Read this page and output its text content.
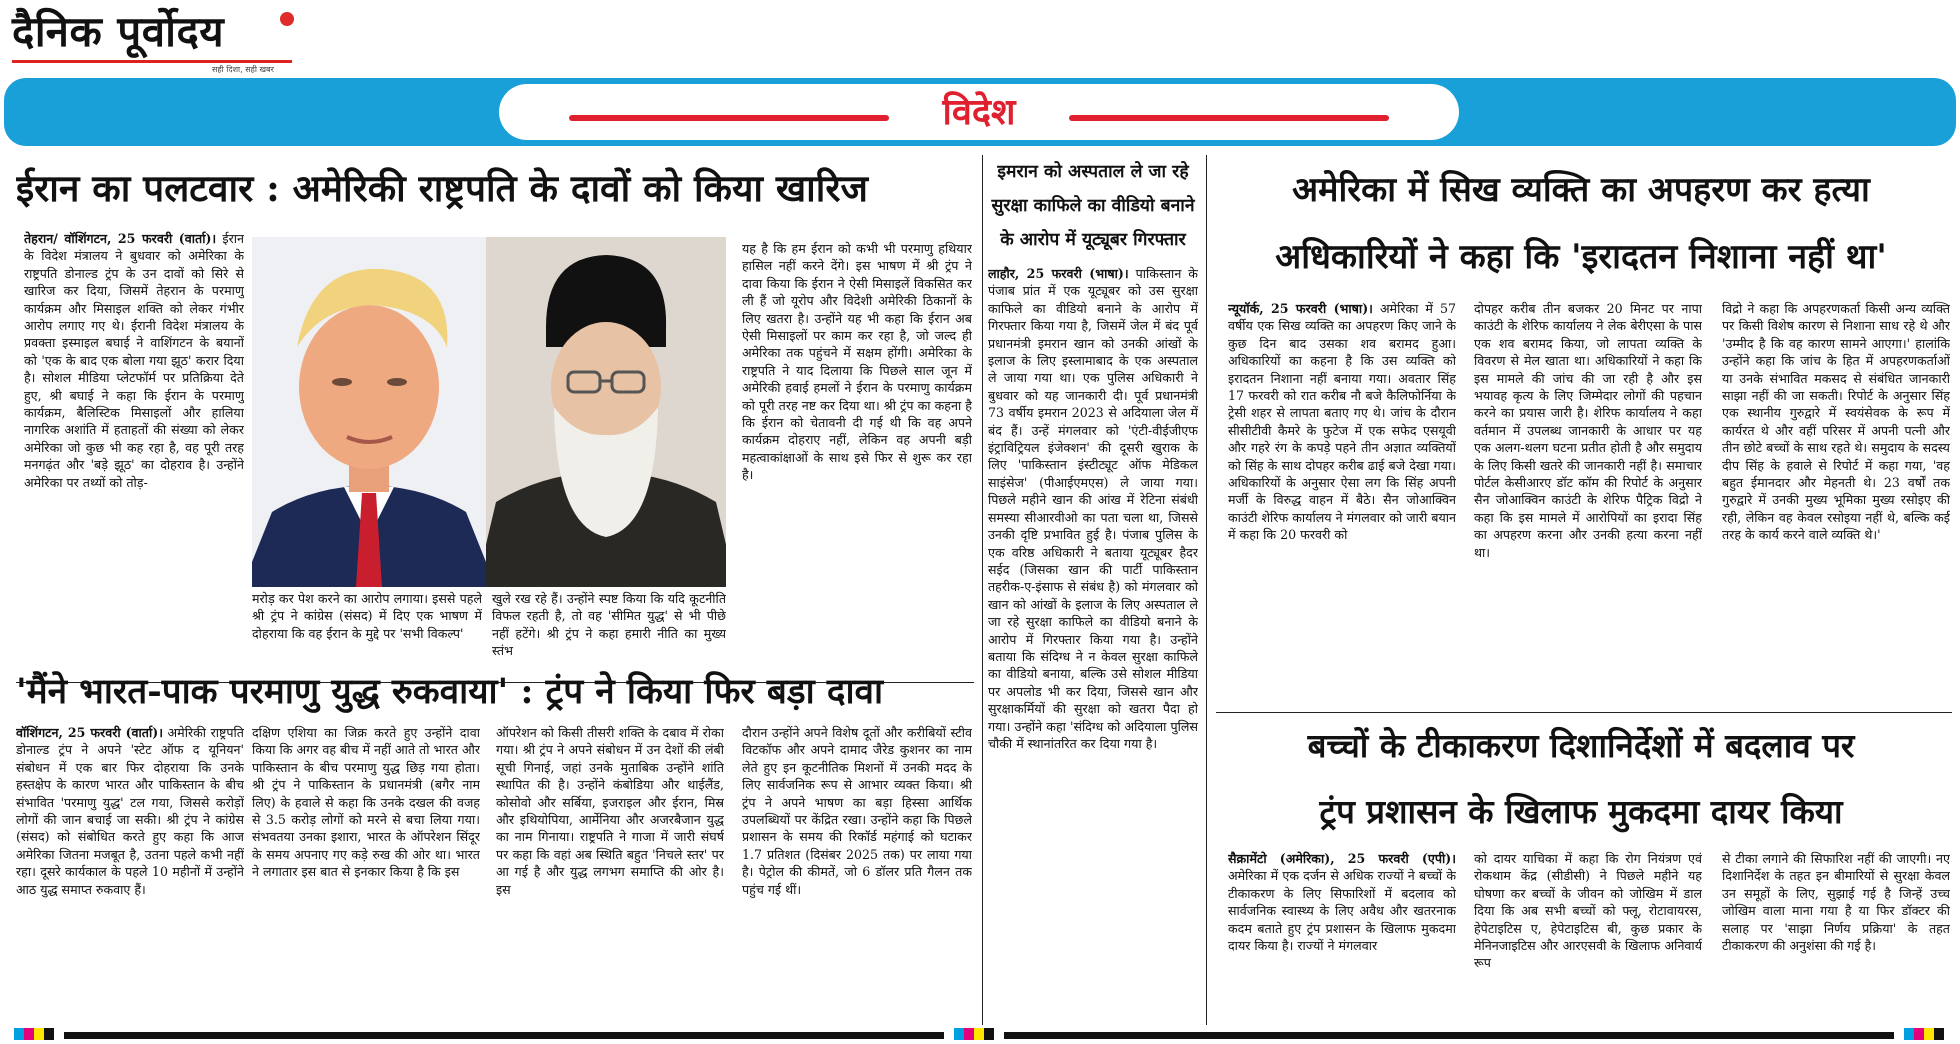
दैनिक पूर्वोदय
सही दिशा, सही खबर
विदेश
ईरान का पलटवार : अमेरिकी राष्ट्रपति के दावों को किया खारिज
तेहरान/ वॉशिंगटन, 25 फरवरी (वार्ता)। ईरान के विदेश मंत्रालय ने बुधवार को अमेरिका के राष्ट्रपति डोनाल्ड ट्रंप के उन दावों को सिरे से खारिज कर दिया, जिसमें तेहरान के परमाणु कार्यक्रम और मिसाइल शक्ति को लेकर गंभीर आरोप लगाए गए थे। ईरानी विदेश मंत्रालय के प्रवक्ता इस्माइल बघाई ने वाशिंगटन के बयानों को 'एक के बाद एक बोला गया झूठ' करार दिया है। सोशल मीडिया प्लेटफॉर्म पर प्रतिक्रिया देते हुए, श्री बघाई ने कहा कि ईरान के परमाणु कार्यक्रम, बैलिस्टिक मिसाइलों और हालिया नागरिक अशांति में हताहतों की संख्या को लेकर अमेरिका जो कुछ भी कह रहा है, वह पूरी तरह मनगढ़ंत और 'बड़े झूठ' का दोहराव है। उन्होंने अमेरिका पर तथ्यों को तोड़-
मरोड़ कर पेश करने का आरोप लगाया। इससे पहले श्री ट्रंप ने कांग्रेस (संसद) में दिए एक भाषण में दोहराया कि वह ईरान के मुद्दे पर 'सभी विकल्प'
खुले रख रहे हैं। उन्होंने स्पष्ट किया कि यदि कूटनीति विफल रहती है, तो वह 'सीमित युद्ध' से भी पीछे नहीं हटेंगे। श्री ट्रंप ने कहा हमारी नीति का मुख्य स्तंभ
यह है कि हम ईरान को कभी भी परमाणु हथियार हासिल नहीं करने देंगे। इस भाषण में श्री ट्रंप ने दावा किया कि ईरान ने ऐसी मिसाइलें विकसित कर ली हैं जो यूरोप और विदेशी अमेरिकी ठिकानों के लिए खतरा है। उन्होंने यह भी कहा कि ईरान अब ऐसी मिसाइलों पर काम कर रहा है, जो जल्द ही अमेरिका तक पहुंचने में सक्षम होंगी। अमेरिका के राष्ट्रपति ने याद दिलाया कि पिछले साल जून में अमेरिकी हवाई हमलों ने ईरान के परमाणु कार्यक्रम को पूरी तरह नष्ट कर दिया था। श्री ट्रंप का कहना है कि ईरान को चेतावनी दी गई थी कि वह अपने कार्यक्रम दोहराए नहीं, लेकिन वह अपनी बड़ी महत्वाकांक्षाओं के साथ इसे फिर से शुरू कर रहा है।
इमरान को अस्पताल ले जा रहे सुरक्षा काफिले का वीडियो बनाने के आरोप में यूट्यूबर गिरफ्तार
लाहौर, 25 फरवरी (भाषा)। पाकिस्तान के पंजाब प्रांत में एक यूट्यूबर को उस सुरक्षा काफिले का वीडियो बनाने के आरोप में गिरफ्तार किया गया है, जिसमें जेल में बंद पूर्व प्रधानमंत्री इमरान खान को उनकी आंखों के इलाज के लिए इस्लामाबाद के एक अस्पताल ले जाया गया था। एक पुलिस अधिकारी ने बुधवार को यह जानकारी दी। पूर्व प्रधानमंत्री 73 वर्षीय इमरान 2023 से अदियाला जेल में बंद हैं। उन्हें मंगलवार को 'एंटी-वीईजीएफ इंट्राविट्रियल इंजेक्शन' की दूसरी खुराक के लिए 'पाकिस्तान इंस्टीट्यूट ऑफ मेडिकल साइंसेज' (पीआईएमएस) ले जाया गया। पिछले महीने खान की आंख में रेटिना संबंधी समस्या सीआरवीओ का पता चला था, जिससे उनकी दृष्टि प्रभावित हुई है। पंजाब पुलिस के एक वरिष्ठ अधिकारी ने बताया यूट्यूबर हैदर सईद (जिसका खान की पार्टी पाकिस्तान तहरीक-ए-इंसाफ से संबंध है) को मंगलवार को खान को आंखों के इलाज के लिए अस्पताल ले जा रहे सुरक्षा काफिले का वीडियो बनाने के आरोप में गिरफ्तार किया गया है। उन्होंने बताया कि संदिग्ध ने न केवल सुरक्षा काफिले का वीडियो बनाया, बल्कि उसे सोशल मीडिया पर अपलोड भी कर दिया, जिससे खान और सुरक्षाकर्मियों की सुरक्षा को खतरा पैदा हो गया। उन्होंने कहा 'संदिग्ध को अदियाला पुलिस चौकी में स्थानांतरित कर दिया गया है।
अमेरिका में सिख व्यक्ति का अपहरण कर हत्या
अधिकारियों ने कहा कि 'इरादतन निशाना नहीं था'
न्यूयॉर्क, 25 फरवरी (भाषा)। अमेरिका में 57 वर्षीय एक सिख व्यक्ति का अपहरण किए जाने के कुछ दिन बाद उसका शव बरामद हुआ। अधिकारियों का कहना है कि उस व्यक्ति को इरादतन निशाना नहीं बनाया गया। अवतार सिंह 17 फरवरी को रात करीब नौ बजे कैलिफोर्निया के ट्रेसी शहर से लापता बताए गए थे। जांच के दौरान सीसीटीवी कैमरे के फुटेज में एक सफेद एसयूवी और गहरे रंग के कपड़े पहने तीन अज्ञात व्यक्तियों को सिंह के साथ दोपहर करीब ढाई बजे देखा गया। अधिकारियों के अनुसार ऐसा लग कि सिंह अपनी मर्जी के विरुद्ध वाहन में बैठे। सैन जोआक्विन काउंटी शेरिफ कार्यालय ने मंगलवार को जारी बयान में कहा कि 20 फरवरी को
दोपहर करीब तीन बजकर 20 मिनट पर नापा काउंटी के शेरिफ कार्यालय ने लेक बेरीएसा के पास एक शव बरामद किया, जो लापता व्यक्ति के विवरण से मेल खाता था। अधिकारियों ने कहा कि इस मामले की जांच की जा रही है और इस भयावह कृत्य के लिए जिम्मेदार लोगों की पहचान करने का प्रयास जारी है। शेरिफ कार्यालय ने कहा वर्तमान में उपलब्ध जानकारी के आधार पर यह एक अलग-थलग घटना प्रतीत होती है और समुदाय के लिए किसी खतरे की जानकारी नहीं है। समाचार पोर्टल केसीआरए डॉट कॉम की रिपोर्ट के अनुसार सैन जोआक्विन काउंटी के शेरिफ पैट्रिक विद्रो ने कहा कि इस मामले में आरोपियों का इरादा सिंह का अपहरण करना और उनकी हत्या करना नहीं था।
विद्रो ने कहा कि अपहरणकर्ता किसी अन्य व्यक्ति पर किसी विशेष कारण से निशाना साध रहे थे और 'उम्मीद है कि वह कारण सामने आएगा।' हालांकि उन्होंने कहा कि जांच के हित में अपहरणकर्ताओं या उनके संभावित मकसद से संबंधित जानकारी साझा नहीं की जा सकती। रिपोर्ट के अनुसार सिंह एक स्थानीय गुरुद्वारे में स्वयंसेवक के रूप में कार्यरत थे और वहीं परिसर में अपनी पत्नी और तीन छोटे बच्चों के साथ रहते थे। समुदाय के सदस्य दीप सिंह के हवाले से रिपोर्ट में कहा गया, 'वह बहुत ईमानदार और मेहनती थे। 23 वर्षों तक गुरुद्वारे में उनकी मुख्य भूमिका मुख्य रसोइए की रही, लेकिन वह केवल रसोइया नहीं थे, बल्कि कई तरह के कार्य करने वाले व्यक्ति थे।'
'मैंने भारत-पाक परमाणु युद्ध रुकवाया' : ट्रंप ने किया फिर बड़ा दावा
वॉशिंगटन, 25 फरवरी (वार्ता)। अमेरिकी राष्ट्रपति डोनाल्ड ट्रंप ने अपने 'स्टेट ऑफ द यूनियन' संबोधन में एक बार फिर दोहराया कि उनके हस्तक्षेप के कारण भारत और पाकिस्तान के बीच संभावित 'परमाणु युद्ध' टल गया, जिससे करोड़ों लोगों की जान बचाई जा सकी। श्री ट्रंप ने कांग्रेस (संसद) को संबोधित करते हुए कहा कि आज अमेरिका जितना मजबूत है, उतना पहले कभी नहीं रहा। दूसरे कार्यकाल के पहले 10 महीनों में उन्होंने आठ युद्ध समाप्त रुकवाए हैं।
दक्षिण एशिया का जिक्र करते हुए उन्होंने दावा किया कि अगर वह बीच में नहीं आते तो भारत और पाकिस्तान के बीच परमाणु युद्ध छिड़ गया होता। श्री ट्रंप ने पाकिस्तान के प्रधानमंत्री (बगैर नाम लिए) के हवाले से कहा कि उनके दखल की वजह से 3.5 करोड़ लोगों को मरने से बचा लिया गया। संभवतया उनका इशारा, भारत के ऑपरेशन सिंदूर के समय अपनाए गए कड़े रुख की ओर था। भारत ने लगातार इस बात से इनकार किया है कि इस
ऑपरेशन को किसी तीसरी शक्ति के दबाव में रोका गया। श्री ट्रंप ने अपने संबोधन में उन देशों की लंबी सूची गिनाई, जहां उनके मुताबिक उन्होंने शांति स्थापित की है। उन्होंने कंबोडिया और थाईलैंड, कोसोवो और सर्बिया, इजराइल और ईरान, मिस्र और इथियोपिया, आर्मेनिया और अजरबैजान युद्ध का नाम गिनाया। राष्ट्रपति ने गाजा में जारी संघर्ष पर कहा कि वहां अब स्थिति बहुत 'निचले स्तर' पर आ गई है और युद्ध लगभग समाप्ति की ओर है। इस
दौरान उन्होंने अपने विशेष दूतों और करीबियों स्टीव विटकॉफ और अपने दामाद जैरेड कुशनर का नाम लेते हुए इन कूटनीतिक मिशनों में उनकी मदद के लिए सार्वजनिक रूप से आभार व्यक्त किया। श्री ट्रंप ने अपने भाषण का बड़ा हिस्सा आर्थिक उपलब्धियों पर केंद्रित रखा। उन्होंने कहा कि पिछले प्रशासन के समय की रिकॉर्ड महंगाई को घटाकर 1.7 प्रतिशत (दिसंबर 2025 तक) पर लाया गया है। पेट्रोल की कीमतें, जो 6 डॉलर प्रति गैलन तक पहुंच गई थीं।
बच्चों के टीकाकरण दिशानिर्देशों में बदलाव पर
ट्रंप प्रशासन के खिलाफ मुकदमा दायर किया
सैक्रामेंटो (अमेरिका), 25 फरवरी (एपी)। अमेरिका में एक दर्जन से अधिक राज्यों ने बच्चों के टीकाकरण के लिए सिफारिशों में बदलाव को सार्वजनिक स्वास्थ्य के लिए अवैध और खतरनाक कदम बताते हुए ट्रंप प्रशासन के खिलाफ मुकदमा दायर किया है। राज्यों ने मंगलवार
को दायर याचिका में कहा कि रोग नियंत्रण एवं रोकथाम केंद्र (सीडीसी) ने पिछले महीने यह घोषणा कर बच्चों के जीवन को जोखिम में डाल दिया कि अब सभी बच्चों को फ्लू, रोटावायरस, हेपेटाइटिस ए, हेपेटाइटिस बी, कुछ प्रकार के मेनिनजाइटिस और आरएसवी के खिलाफ अनिवार्य रूप
से टीका लगाने की सिफारिश नहीं की जाएगी। नए दिशानिर्देश के तहत इन बीमारियों से सुरक्षा केवल उन समूहों के लिए, सुझाई गई है जिन्हें उच्च जोखिम वाला माना गया है या फिर डॉक्टर की सलाह पर 'साझा निर्णय प्रक्रिया' के तहत टीकाकरण की अनुशंसा की गई है।
